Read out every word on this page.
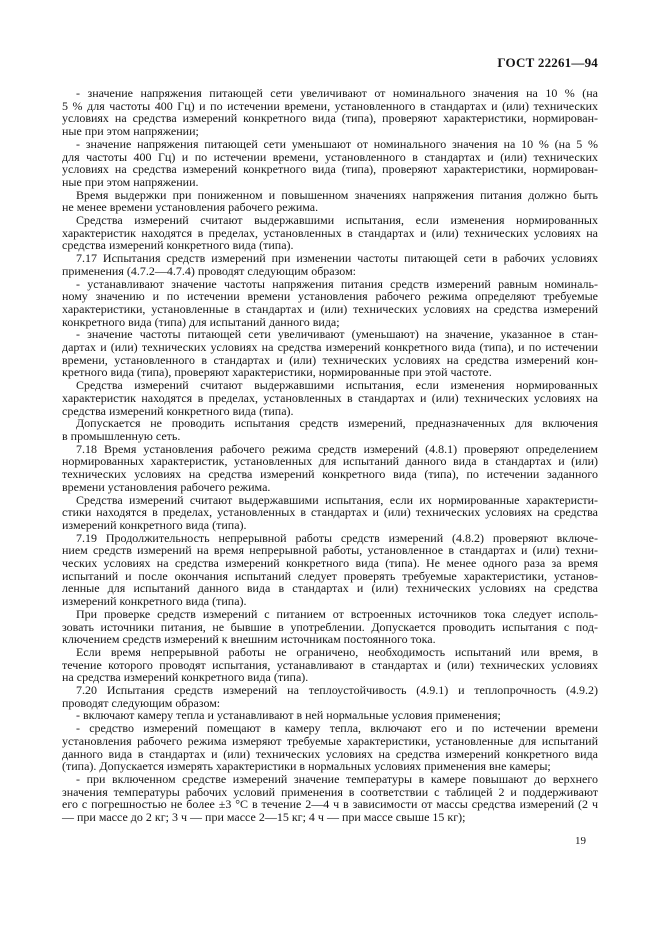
ГОСТ 22261—94
- значение напряжения питающей сети увеличивают от номинального значения на 10 % (на
5 % для частоты 400 Гц) и по истечении времени, установленного в стандартах и (или) технических
условиях на средства измерений конкретного вида (типа), проверяют характеристики, нормирован-
ные при этом напряжении;
- значение напряжения питающей сети уменьшают от номинального значения на 10 % (на 5 %
для частоты 400 Гц) и по истечении времени, установленного в стандартах и (или) технических
условиях на средства измерений конкретного вида (типа), проверяют характеристики, нормирован-
ные при этом напряжении.
Время выдержки при пониженном и повышенном значениях напряжения питания должно быть
не менее времени установления рабочего режима.
Средства измерений считают выдержавшими испытания, если изменения нормированных
характеристик находятся в пределах, установленных в стандартах и (или) технических условиях на
средства измерений конкретного вида (типа).
7.17 Испытания средств измерений при изменении частоты питающей сети в рабочих условиях
применения (4.7.2—4.7.4) проводят следующим образом:
- устанавливают значение частоты напряжения питания средств измерений равным номиналь-
ному значению и по истечении времени установления рабочего режима определяют требуемые
характеристики, установленные в стандартах и (или) технических условиях на средства измерений
конкретного вида (типа) для испытаний данного вида;
- значение частоты питающей сети увеличивают (уменьшают) на значение, указанное в стан-
дартах и (или) технических условиях на средства измерений конкретного вида (типа), и по истечении
времени, установленного в стандартах и (или) технических условиях на средства измерений кон-
кретного вида (типа), проверяют характеристики, нормированные при этой частоте.
Средства измерений считают выдержавшими испытания, если изменения нормированных
характеристик находятся в пределах, установленных в стандартах и (или) технических условиях на
средства измерений конкретного вида (типа).
Допускается не проводить испытания средств измерений, предназначенных для включения
в промышленную сеть.
7.18 Время установления рабочего режима средств измерений (4.8.1) проверяют определением
нормированных характеристик, установленных для испытаний данного вида в стандартах и (или)
технических условиях на средства измерений конкретного вида (типа), по истечении заданного
времени установления рабочего режима.
Средства измерений считают выдержавшими испытания, если их нормированные характеристи-
стики находятся в пределах, установленных в стандартах и (или) технических условиях на средства
измерений конкретного вида (типа).
7.19 Продолжительность непрерывной работы средств измерений (4.8.2) проверяют включе-
нием средств измерений на время непрерывной работы, установленное в стандартах и (или) техни-
ческих условиях на средства измерений конкретного вида (типа). Не менее одного раза за время
испытаний и после окончания испытаний следует проверять требуемые характеристики, установ-
ленные для испытаний данного вида в стандартах и (или) технических условиях на средства
измерений конкретного вида (типа).
При проверке средств измерений с питанием от встроенных источников тока следует исполь-
зовать источники питания, не бывшие в употреблении. Допускается проводить испытания с под-
ключением средств измерений к внешним источникам постоянного тока.
Если время непрерывной работы не ограничено, необходимость испытаний или время, в
течение которого проводят испытания, устанавливают в стандартах и (или) технических условиях
на средства измерений конкретного вида (типа).
7.20 Испытания средств измерений на теплоустойчивость (4.9.1) и теплопрочность (4.9.2)
проводят следующим образом:
- включают камеру тепла и устанавливают в ней нормальные условия применения;
- средство измерений помещают в камеру тепла, включают его и по истечении времени
установления рабочего режима измеряют требуемые характеристики, установленные для испытаний
данного вида в стандартах и (или) технических условиях на средства измерений конкретного вида
(типа). Допускается измерять характеристики в нормальных условиях применения вне камеры;
- при включенном средстве измерений значение температуры в камере повышают до верхнего
значения температуры рабочих условий применения в соответствии с таблицей 2 и поддерживают
его с погрешностью не более ±3 °С в течение 2—4 ч в зависимости от массы средства измерений (2 ч
— при массе до 2 кг; 3 ч — при массе 2—15 кг; 4 ч — при массе свыше 15 кг);
19
